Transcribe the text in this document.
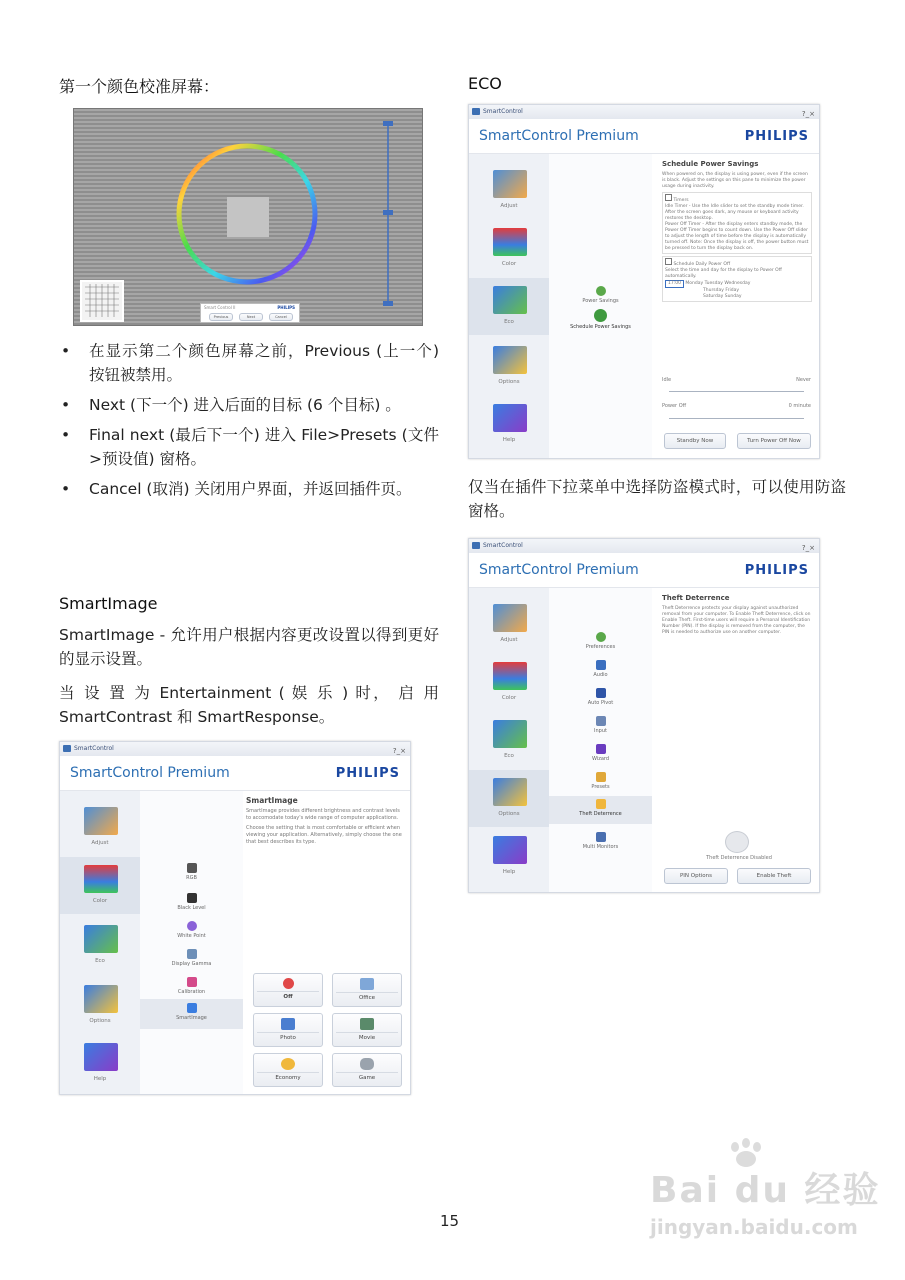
第一个颜色校准屏幕：
Smart Control II	PHILIPS
Previous	Next	Cancel
• 在显示第二个颜色屏幕之前，Previous (上一个) 按钮被禁用。
• Next (下一个) 进入后面的目标 (6 个目标) 。
• Final next (最后下一个) 进入 File>Presets (文件>预设值) 窗格。
• Cancel (取消) 关闭用户界面，并返回插件页。
SmartImage
SmartImage - 允许用户根据内容更改设置以得到更好的显示设置。
当 设 置 为 Entertainment ( 娱 乐 ) 时， 启 用 SmartContrast 和 SmartResponse。
SmartControl	?_×
SmartControl Premium	PHILIPS
Adjust
Color
Eco
Options
Help

RGB

Black Level

White Point

Display Gamma

Calibration

SmartImage
SmartImage
SmartImage provides different brightness and contrast levels to accomodate today's wide range of computer applications.
Choose the setting that is most comfortable or efficient when viewing your application. Alternatively, simply choose the one that best describes its type.
Off	Office
Photo	Movie
Economy	Game
ECO
SmartControl	?_×
SmartControl Premium	PHILIPS
Adjust
Color
Eco
Options
Help

Power Savings

Schedule Power Savings
Schedule Power Savings
When powered on, the display is using power, even if the screen is black. Adjust the settings on this pane to minimize the power usage during inactivity.
Timers
Idle Timer - Use the Idle slider to set the standby mode timer. After the screen goes dark, any mouse or keyboard activity restores the desktop.
Power Off Timer - After the display enters standby mode, the Power Off Timer begins to count down. Use the Power Off slider to adjust the length of time before the display is automatically turned off. Note: Once the display is off, the power button must be pressed to turn the display back on.
Schedule Daily Power Off
Select the time and day for the display to Power Off automatically.
17:00 Monday Tuesday Wednesday
Thursday Friday
Saturday Sunday
Idle	Never
Power Off	0 minute
Standby Now	Turn Power Off Now
仅当在插件下拉菜单中选择防盗模式时，可以使用防盗窗格。
SmartControl	?_×
SmartControl Premium	PHILIPS
Adjust
Color
Eco
Options
Help

Preferences

Audio

Auto Pivot

Input

Wizard

Presets

Theft Deterrence

Multi Monitors
Theft Deterrence
Theft Deterrence protects your display against unauthorized removal from your computer. To Enable Theft Deterrence, click on Enable Theft. First-time users will require a Personal Identification Number (PIN). If the display is removed from the computer, the PIN is needed to authorize use on another computer.
Theft Deterrence Disabled
PIN Options	Enable Theft
15
Bai du 经验
jingyan.baidu.com
